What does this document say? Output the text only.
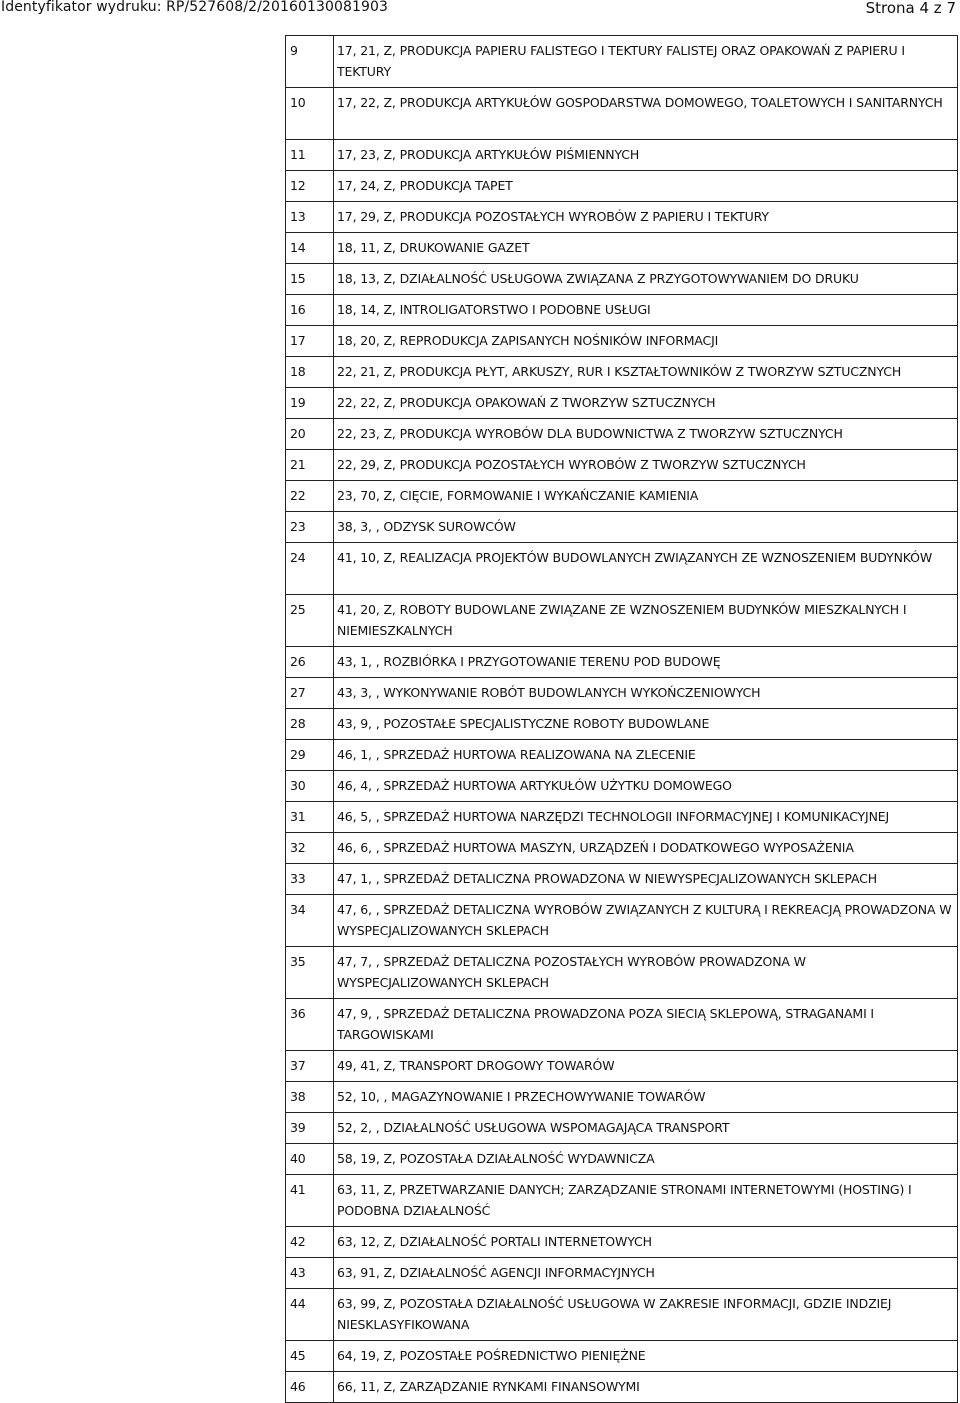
Identyfikator wydruku: RP/527608/2/20160130081903	Strona 4 z 7
9	17, 21, Z, PRODUKCJA PAPIERU FALISTEGO I TEKTURY FALISTEJ ORAZ OPAKOWAŃ Z PAPIERU I TEKTURY
10	17, 22, Z, PRODUKCJA ARTYKUŁÓW GOSPODARSTWA DOMOWEGO, TOALETOWYCH I SANITARNYCH
11	17, 23, Z, PRODUKCJA ARTYKUŁÓW PIŚMIENNYCH
12	17, 24, Z, PRODUKCJA TAPET
13	17, 29, Z, PRODUKCJA POZOSTAŁYCH WYROBÓW Z PAPIERU I TEKTURY
14	18, 11, Z, DRUKOWANIE GAZET
15	18, 13, Z, DZIAŁALNOŚĆ USŁUGOWA ZWIĄZANA Z PRZYGOTOWYWANIEM DO DRUKU
16	18, 14, Z, INTROLIGATORSTWO I PODOBNE USŁUGI
17	18, 20, Z, REPRODUKCJA ZAPISANYCH NOŚNIKÓW INFORMACJI
18	22, 21, Z, PRODUKCJA PŁYT, ARKUSZY, RUR I KSZTAŁTOWNIKÓW Z TWORZYW SZTUCZNYCH
19	22, 22, Z, PRODUKCJA OPAKOWAŃ Z TWORZYW SZTUCZNYCH
20	22, 23, Z, PRODUKCJA WYROBÓW DLA BUDOWNICTWA Z TWORZYW SZTUCZNYCH
21	22, 29, Z, PRODUKCJA POZOSTAŁYCH WYROBÓW Z TWORZYW SZTUCZNYCH
22	23, 70, Z, CIĘCIE, FORMOWANIE I WYKAŃCZANIE KAMIENIA
23	38, 3, , ODZYSK SUROWCÓW
24	41, 10, Z, REALIZACJA PROJEKTÓW BUDOWLANYCH ZWIĄZANYCH ZE WZNOSZENIEM BUDYNKÓW
25	41, 20, Z, ROBOTY BUDOWLANE ZWIĄZANE ZE WZNOSZENIEM BUDYNKÓW MIESZKALNYCH I NIEMIESZKALNYCH
26	43, 1, , ROZBIÓRKA I PRZYGOTOWANIE TERENU POD BUDOWĘ
27	43, 3, , WYKONYWANIE ROBÓT BUDOWLANYCH WYKOŃCZENIOWYCH
28	43, 9, , POZOSTAŁE SPECJALISTYCZNE ROBOTY BUDOWLANE
29	46, 1, , SPRZEDAŻ HURTOWA REALIZOWANA NA ZLECENIE
30	46, 4, , SPRZEDAŻ HURTOWA ARTYKUŁÓW UŻYTKU DOMOWEGO
31	46, 5, , SPRZEDAŻ HURTOWA NARZĘDZI TECHNOLOGII INFORMACYJNEJ I KOMUNIKACYJNEJ
32	46, 6, , SPRZEDAŻ HURTOWA MASZYN, URZĄDZEŃ I DODATKOWEGO WYPOSAŻENIA
33	47, 1, , SPRZEDAŻ DETALICZNA PROWADZONA W NIEWYSPECJALIZOWANYCH SKLEPACH
34	47, 6, , SPRZEDAŻ DETALICZNA WYROBÓW ZWIĄZANYCH Z KULTURĄ I REKREACJĄ PROWADZONA W WYSPECJALIZOWANYCH SKLEPACH
35	47, 7, , SPRZEDAŻ DETALICZNA POZOSTAŁYCH WYROBÓW PROWADZONA W WYSPECJALIZOWANYCH SKLEPACH
36	47, 9, , SPRZEDAŻ DETALICZNA PROWADZONA POZA SIECIĄ SKLEPOWĄ, STRAGANAMI I TARGOWISKAMI
37	49, 41, Z, TRANSPORT DROGOWY TOWARÓW
38	52, 10, , MAGAZYNOWANIE I PRZECHOWYWANIE TOWARÓW
39	52, 2, , DZIAŁALNOŚĆ USŁUGOWA WSPOMAGAJĄCA TRANSPORT
40	58, 19, Z, POZOSTAŁA DZIAŁALNOŚĆ WYDAWNICZA
41	63, 11, Z, PRZETWARZANIE DANYCH; ZARZĄDZANIE STRONAMI INTERNETOWYMI (HOSTING) I PODOBNA DZIAŁALNOŚĆ
42	63, 12, Z, DZIAŁALNOŚĆ PORTALI INTERNETOWYCH
43	63, 91, Z, DZIAŁALNOŚĆ AGENCJI INFORMACYJNYCH
44	63, 99, Z, POZOSTAŁA DZIAŁALNOŚĆ USŁUGOWA W ZAKRESIE INFORMACJI, GDZIE INDZIEJ NIESKLASYFIKOWANA
45	64, 19, Z, POZOSTAŁE POŚREDNICTWO PIENIĘŻNE
46	66, 11, Z, ZARZĄDZANIE RYNKAMI FINANSOWYMI
